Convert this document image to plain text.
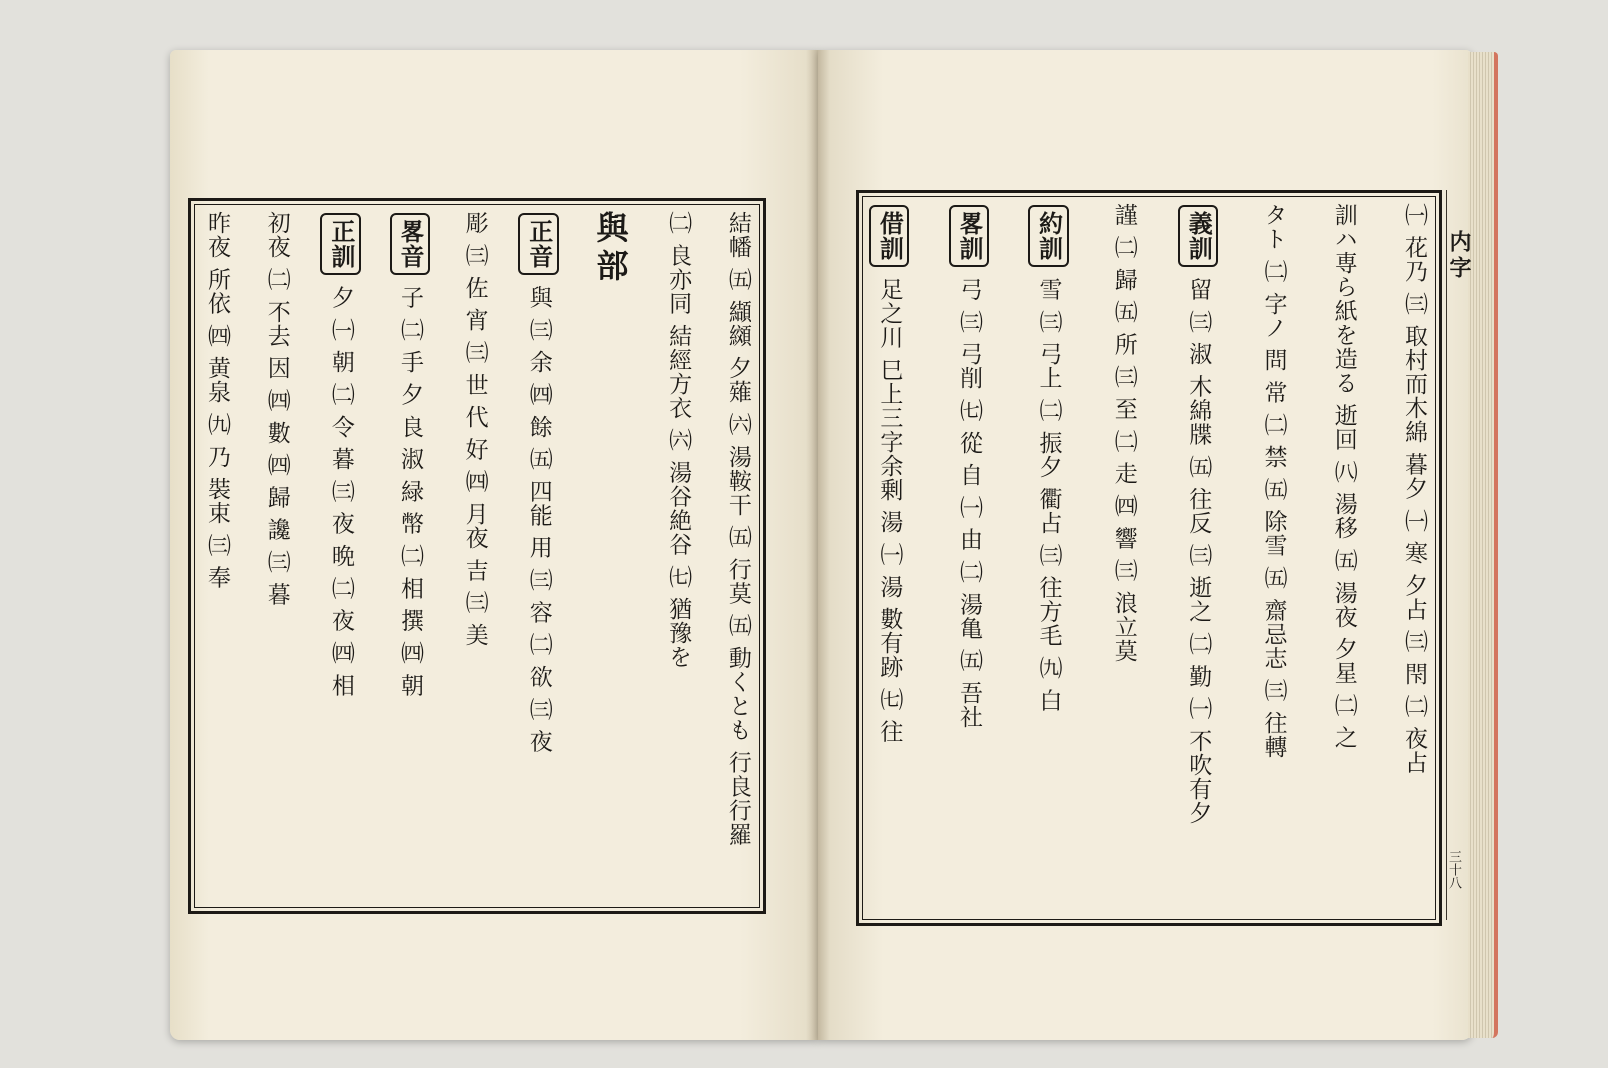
結幡 ㈤ 纈纐 夕薙 ㈥ 湯鞍干 ㈤ 行莫 ㈤ 動くとも 行良行羅
㈡ 良亦同 結經方衣 ㈥ 湯谷絶谷 ㈦ 猶豫を
與部
正音 與 ㈢ 余 ㈣ 餘 ㈤ 四能 用 ㈢ 容 ㈡ 欲 ㈢ 夜
彫 ㈢ 佐 宵 ㈢ 世 代 好 ㈣ 月夜 吉 ㈢ 美
畧音 子 ㈡ 手 夕 良 淑 緑 幣 ㈡ 相 撰 ㈣ 朝
正訓 夕 ㈠ 朝 ㈡ 令 暮 ㈢ 夜 晩 ㈡ 夜 ㈣ 相
初夜 ㈡ 不去 因 ㈣ 數 ㈣ 歸 讒 ㈢ 暮
昨夜 所依 ㈣ 黄泉 ㈨ 乃 裝束 ㈢ 奉	㈠ 花乃 ㈢ 取村而木綿 暮夕 ㈠ 寒 夕占 ㈢ 閇 ㈡ 夜占
訓ハ専ら紙を造る 逝回 ㈧ 湯移 ㈤ 湯夜 夕星 ㈡ 之
タト ㈡ 字ノ 問 常 ㈡ 禁 ㈤ 除雪 ㈤ 齋忌志 ㈢ 往轉
義訓 留 ㈢ 淑 木綿牒 ㈤ 往反 ㈢ 逝之 ㈡ 勤 ㈠ 不吹有夕
謹 ㈡ 歸 ㈤ 所 ㈢ 至 ㈡ 走 ㈣ 響 ㈢ 浪立莫
約訓 雪 ㈢ 弓上 ㈡ 振夕 衢占 ㈢ 往方毛 ㈨ 白
畧訓 弓 ㈢ 弓削 ㈦ 從 自 ㈠ 由 ㈡ 湯亀 ㈤ 吾社
借訓 足之川 巳上三字余剰 湯 ㈠ 湯 數有跡 ㈦ 往
内字
三十八
